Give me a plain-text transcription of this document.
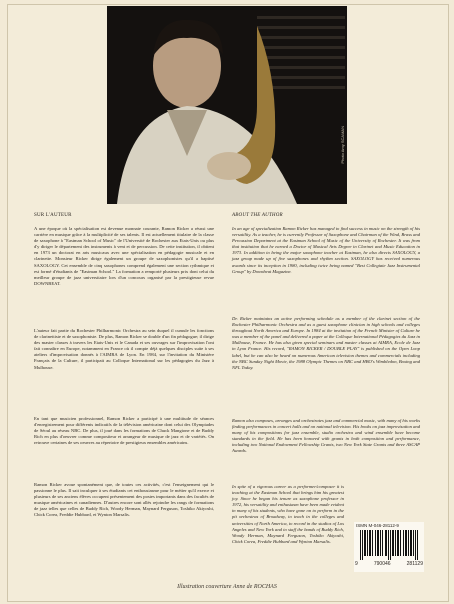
Photo Amy SCAMAN
SUR L'AUTEUR	ABOUT THE AUTHOR

A une époque où la spécialisation est devenue monnaie courante, Ramon Ricker a réussi une carrière en musique grâce à la multiplicité de ses talents. Il est actuellement titulaire de la classe de saxophone à "Eastman School of Music" de l'Université de Rochester aux Etats-Unis ou plus d'y diriger le département des instruments à vent et de percussion. De cette institution, il obtient en 1973 un doctorat en arts musicaux avec une spécialisation en pédagogie musicale et en clarinette. Monsieur Ricker dirige également un groupe de saxophonistes qu'il a baptisé SAXOLOGY. Cet ensemble de cinq saxophones comprend également une section rythmique et est formé d'étudiants de "Eastman School." La formation a remporté plusieurs prix dont celui du meilleur groupe de jazz universitaire lors d'un concours organisé par la prestigieuse revue DOWNBEAT.

L'auteur fait partie du Rochester Philharmonic Orchestra au sein duquel il cumule les fonctions de clarinettiste et de saxophoniste. De plus, Ramon Ricker se double d'un fin pédagogue; il dirige des master classes à travers les Etats-Unis et le Canada et ses ouvrages sur l'improvisation l'ont fait connaître en Europe, notamment en France où il compte déjà quelques disciples suite à ses ateliers d'improvisation donnés à l'AIMRA de Lyon. En 1984, sur l'invitation du Ministère Français de la Culture, il participait au Colloque International sur les pédagogies du Jazz à Mulhouse.

En tant que musicien professionnel, Ramon Ricker a participé à une multitude de séances d'enregistrement pour différents indicatifs de la télévision américaine dont celui des Olympiades de Séoul au réseau NBC. De plus, il joué dans les formations de Chuck Mangione et de Buddy Rich en plus d'oeuvrer comme compositeur et arrangeur de musique de jazz et de variétés. On retrouve certaines de ses oeuvres au répertoire de prestigieux ensembles américains.

Ramon Ricker avoue spontanément que, de toutes ces activités, c'est l'enseignement qui le passionne le plus. Il sait inculquer à ses étudiants cet enthousiasme pour le métier qu'il exerce et plusieurs de ses anciens élèves occupent présentement des postes importants dans des facultés de musique américaines et canadiennes. D'autres encore sont allés rejoindre les rangs de formations de jazz telles que celles de Buddy Rich, Woody Herman, Maynard Ferguson, Toshiko Akiyoshi, Chick Corea, Freddie Hubbard, et Wynton Marsalis.

In an age of specialization Ramon Ricker has managed to find success in music on the strength of his versatility. As a teacher, he is currently Professor of Saxophone and Chairman of the Wind, Brass and Percussion Department at the Eastman School of Music of the University of Rochester. It was from that institution that he earned a Doctor of Musical Arts Degree in Clarinet and Music Education in 1973. In addition to being the major saxophone teacher at Eastman, he also directs SAXOLOGY, a jazz group made up of five saxophones and rhythm section. SAXOLOGY has received numerous awards since its inception in 1980, including twice being named "Best Collegiate Jazz Instrumental Group" by Downbeat Magazine.

Dr. Ricker maintains an active performing schedule as a member of the clarinet section of the Rochester Philharmonic Orchestra and as a guest saxophone clinician in high schools and colleges throughout North America and Europe. In 1984 at the invitation of the French Minister of Culture he was a member of the panel and delivered a paper at the Colloque International Pédagogies du Jazz in Mulhouse, France. He has also given special seminars and master classes at AIMRA, Ecole de Jazz in Lyon France. His record, "RAMON RICKER / DOUBLE PLAY" is published on the Open Loop label, but he can also be heard on numerous American television themes and commercials including the NBC Sunday Night Movie, the 1988 Olympic Themes on NBC and HBO's Wimbledon, Boxing and NFL Today.

Ramon also composes, arranges and orchestrates jazz and commercial music, with many of his works finding performances in concert halls and on national television. His books on jazz improvisation and many of his compositions for jazz ensemble, studio orchestra and wind ensemble have become standards in the field. He has been honored with grants in both composition and performance, including two National Endowment Fellowship Grants, two New York State Grants and three ASCAP Awards.

In spite of a vigorous career as a performer/composer it is teaching at the Eastman School that brings him his greatest joy. Since he began his tenure as saxophone professor in 1972, his versatility and enthusiasm have been made evident in many of his students, who have gone on to perform in the pit orchestras of Broadway, to teach in the colleges and universities of North America, to record in the studios of Los Angeles and New York and to staff the bands of Buddy Rich, Woody Herman, Maynard Ferguson, Toshiko Akiyoshi, Chick Corea, Freddie Hubbard and Wynton Marsalis.

ISMN M-046-28112-9
9	790046	281129
Illustration couverture Anne de ROCHAS
